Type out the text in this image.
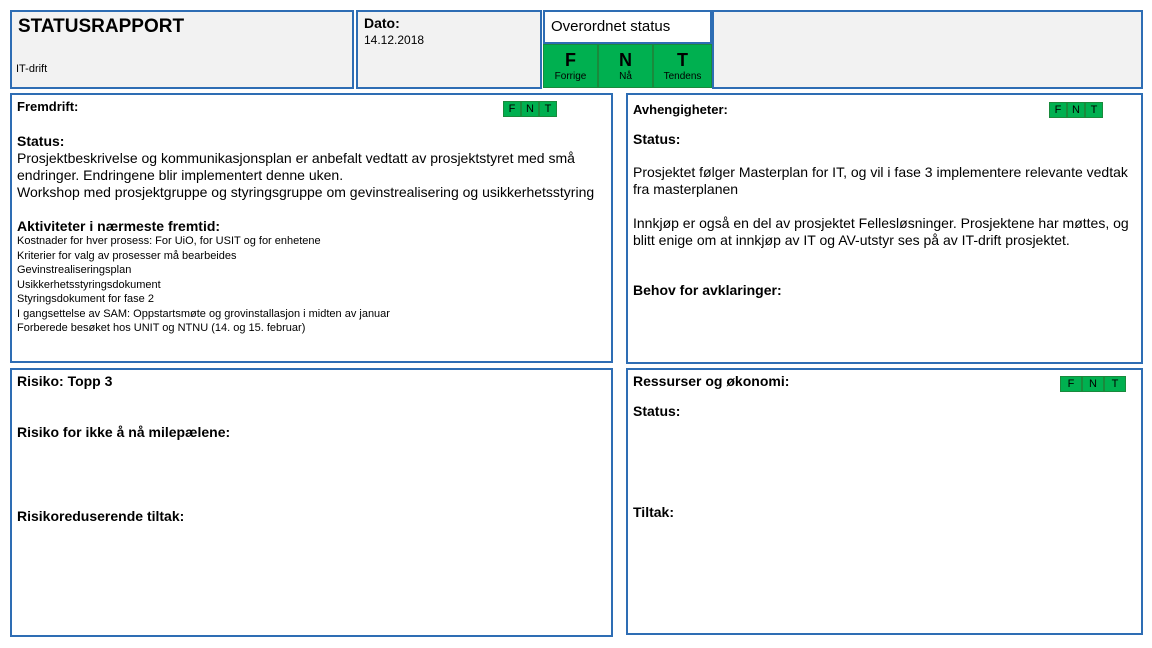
STATUSRAPPORT
IT-drift
Dato:
14.12.2018
Overordnet status
F
Forrige
N
Nå
T
Tendens
Fremdrift:	F N T
Status:
Prosjektbeskrivelse og kommunikasjonsplan er anbefalt vedtatt av prosjektstyret med små
endringer. Endringene blir implementert denne uken.
Workshop med prosjektgruppe og styringsgruppe om gevinstrealisering og usikkerhetsstyring
Aktiviteter i nærmeste fremtid:
Kostnader for hver prosess: For UiO, for USIT og for enhetene
Kriterier for valg av prosesser må bearbeides
Gevinstrealiseringsplan
Usikkerhetsstyringsdokument
Styringsdokument for fase 2
I gangsettelse av SAM: Oppstartsmøte og grovinstallasjon i midten av januar
Forberede besøket hos UNIT og NTNU (14. og 15. februar)
Avhengigheter:	F N T
Status:
Prosjektet følger Masterplan for IT, og vil i fase 3 implementere relevante vedtak fra masterplanen
Innkjøp er også en del av prosjektet Fellesløsninger. Prosjektene har møttes, og blitt enige om at innkjøp av IT og AV-utstyr ses på av IT-drift prosjektet.
Behov for avklaringer:
Risiko: Topp 3
Risiko for ikke å nå milepælene:
Risikoreduserende tiltak:
Ressurser og økonomi:	F	N	T
Status:
Tiltak:
